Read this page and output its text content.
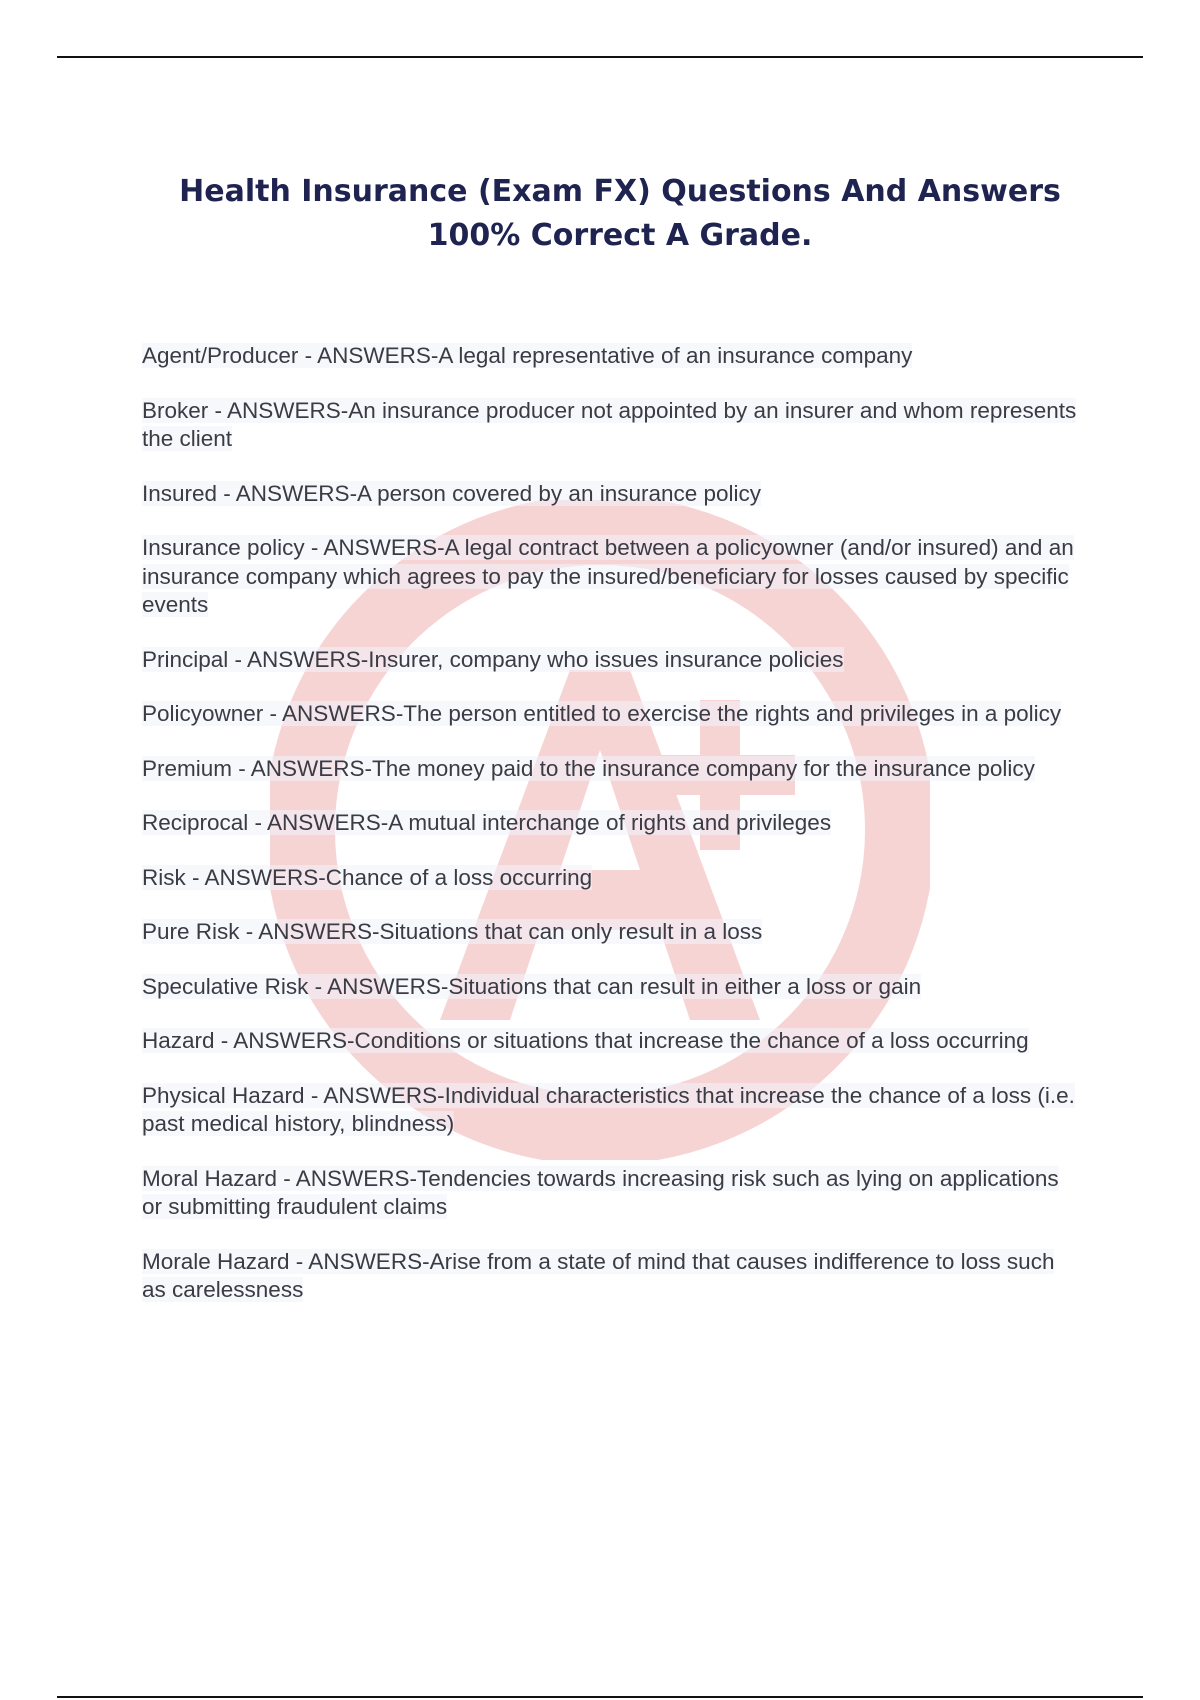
Health Insurance (Exam FX) Questions And Answers 100% Correct A Grade.
Agent/Producer - ANSWERS-A legal representative of an insurance company
Broker - ANSWERS-An insurance producer not appointed by an insurer and whom represents the client
Insured - ANSWERS-A person covered by an insurance policy
Insurance policy - ANSWERS-A legal contract between a policyowner (and/or insured) and an insurance company which agrees to pay the insured/beneficiary for losses caused by specific events
Principal - ANSWERS-Insurer, company who issues insurance policies
Policyowner - ANSWERS-The person entitled to exercise the rights and privileges in a policy
Premium - ANSWERS-The money paid to the insurance company for the insurance policy
Reciprocal - ANSWERS-A mutual interchange of rights and privileges
Risk - ANSWERS-Chance of a loss occurring
Pure Risk - ANSWERS-Situations that can only result in a loss
Speculative Risk - ANSWERS-Situations that can result in either a loss or gain
Hazard - ANSWERS-Conditions or situations that increase the chance of a loss occurring
Physical Hazard - ANSWERS-Individual characteristics that increase the chance of a loss (i.e. past medical history, blindness)
Moral Hazard - ANSWERS-Tendencies towards increasing risk such as lying on applications or submitting fraudulent claims
Morale Hazard - ANSWERS-Arise from a state of mind that causes indifference to loss such as carelessness
